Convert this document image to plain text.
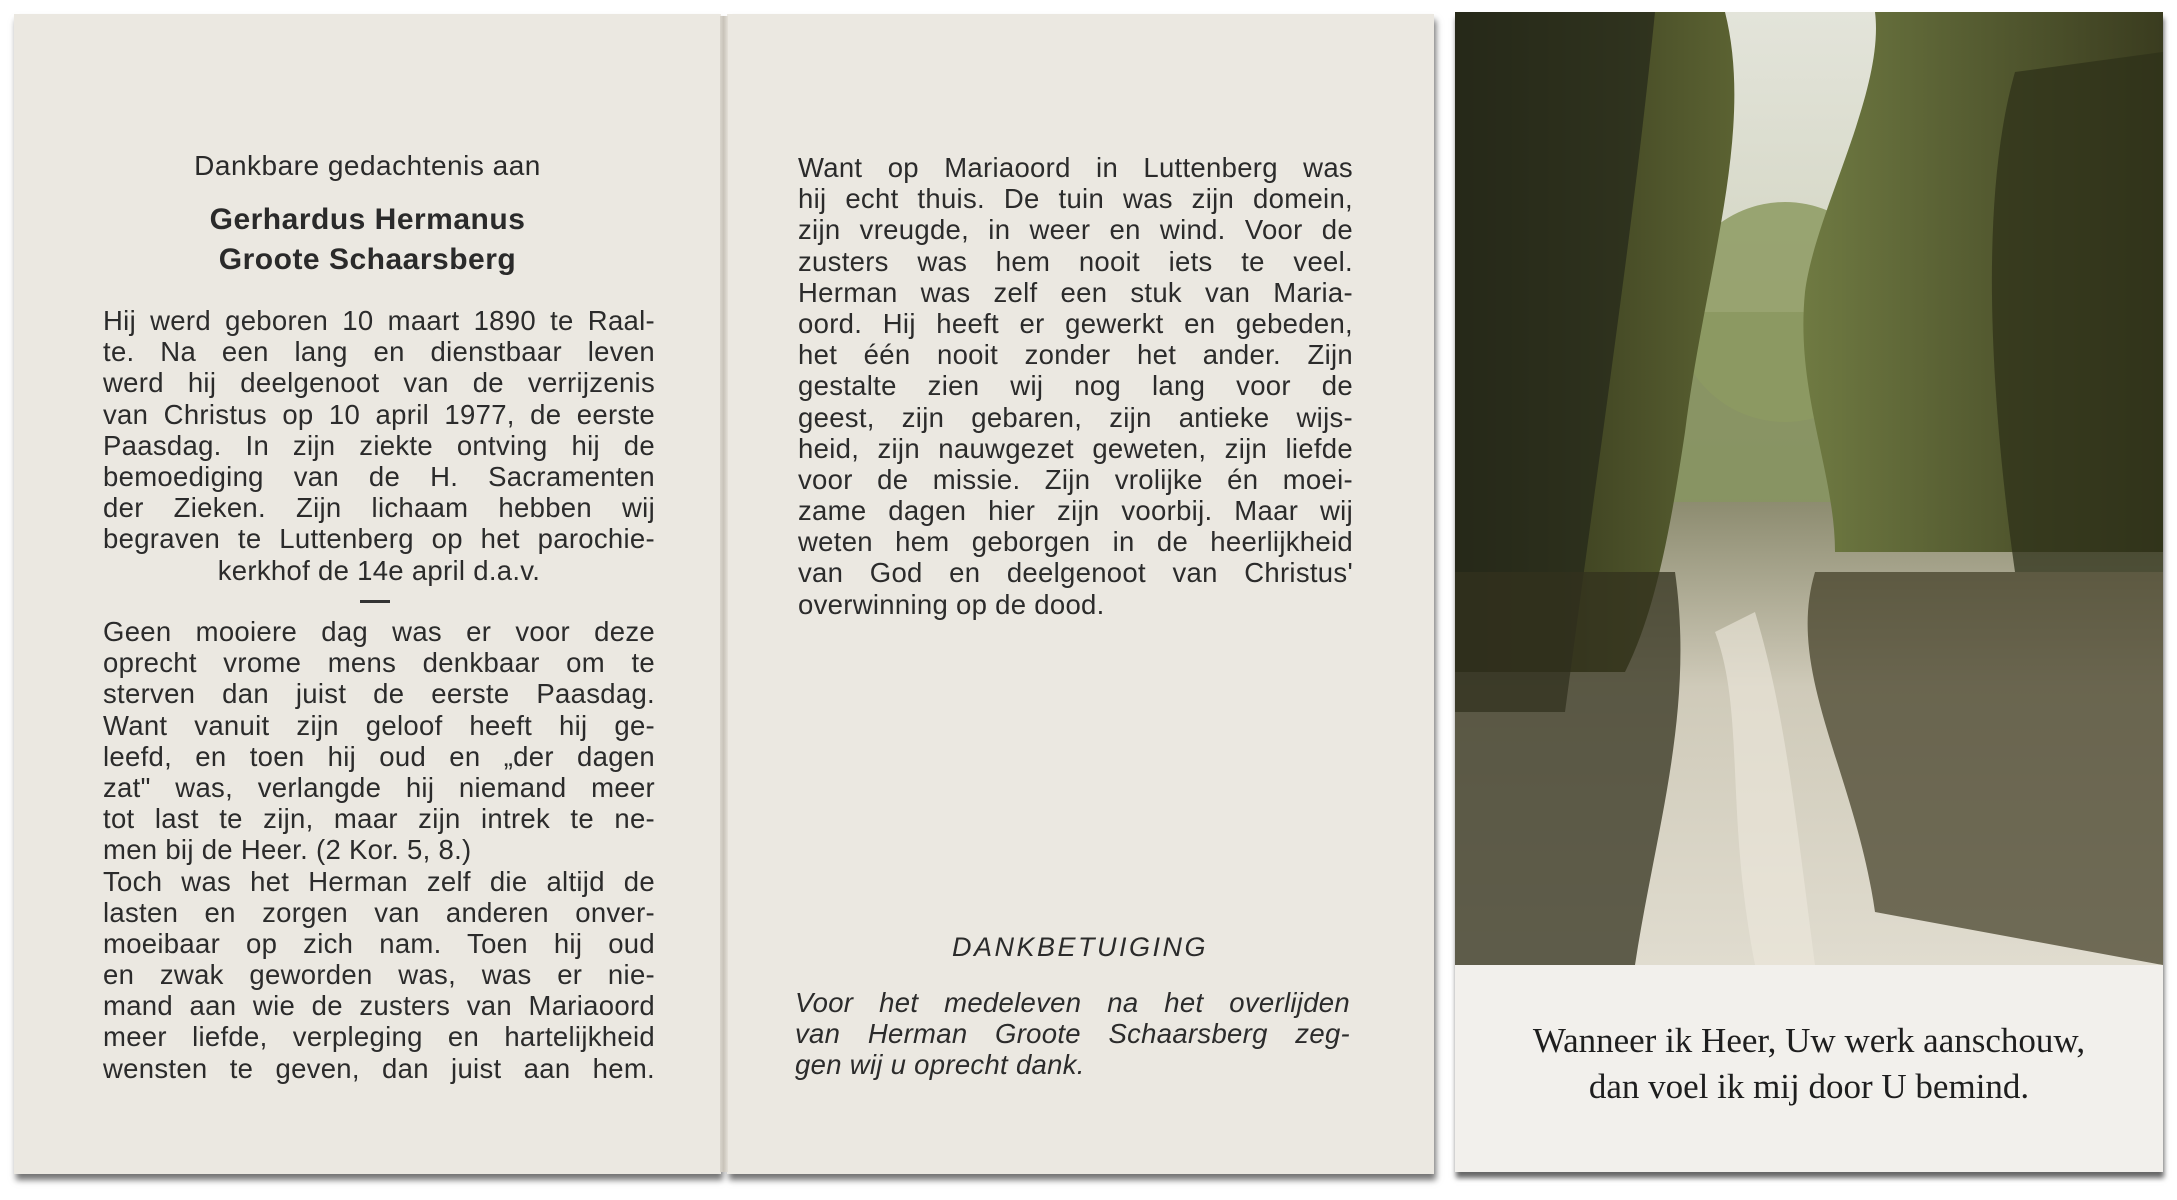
Dankbare gedachtenis aan
Gerhardus Hermanus
Groote Schaarsberg
Hij werd geboren 10 maart 1890 te Raal-
te. Na een lang en dienstbaar leven
werd hij deelgenoot van de verrijzenis
van Christus op 10 april 1977, de eerste
Paasdag. In zijn ziekte ontving hij de
bemoediging van de H. Sacramenten
der Zieken. Zijn lichaam hebben wij
begraven te Luttenberg op het parochie-
kerkhof de 14e april d.a.v.
Geen mooiere dag was er voor deze
oprecht vrome mens denkbaar om te
sterven dan juist de eerste Paasdag.
Want vanuit zijn geloof heeft hij ge-
leefd, en toen hij oud en „der dagen
zat" was, verlangde hij niemand meer
tot last te zijn, maar zijn intrek te ne-
men bij de Heer. (2 Kor. 5, 8.)
Toch was het Herman zelf die altijd de
lasten en zorgen van anderen onver-
moeibaar op zich nam. Toen hij oud
en zwak geworden was, was er nie-
mand aan wie de zusters van Mariaoord
meer liefde, verpleging en hartelijkheid
wensten te geven, dan juist aan hem.
Want op Mariaoord in Luttenberg was
hij echt thuis. De tuin was zijn domein,
zijn vreugde, in weer en wind. Voor de
zusters was hem nooit iets te veel.
Herman was zelf een stuk van Maria-
oord. Hij heeft er gewerkt en gebeden,
het één nooit zonder het ander. Zijn
gestalte zien wij nog lang voor de
geest, zijn gebaren, zijn antieke wijs-
heid, zijn nauwgezet geweten, zijn liefde
voor de missie. Zijn vrolijke én moei-
zame dagen hier zijn voorbij. Maar wij
weten hem geborgen in de heerlijkheid
van God en deelgenoot van Christus'
overwinning op de dood.
DANKBETUIGING
Voor het medeleven na het overlijden
van Herman Groote Schaarsberg zeg-
gen wij u oprecht dank.
Wanneer ik Heer, Uw werk aanschouw,
dan voel ik mij door U bemind.
